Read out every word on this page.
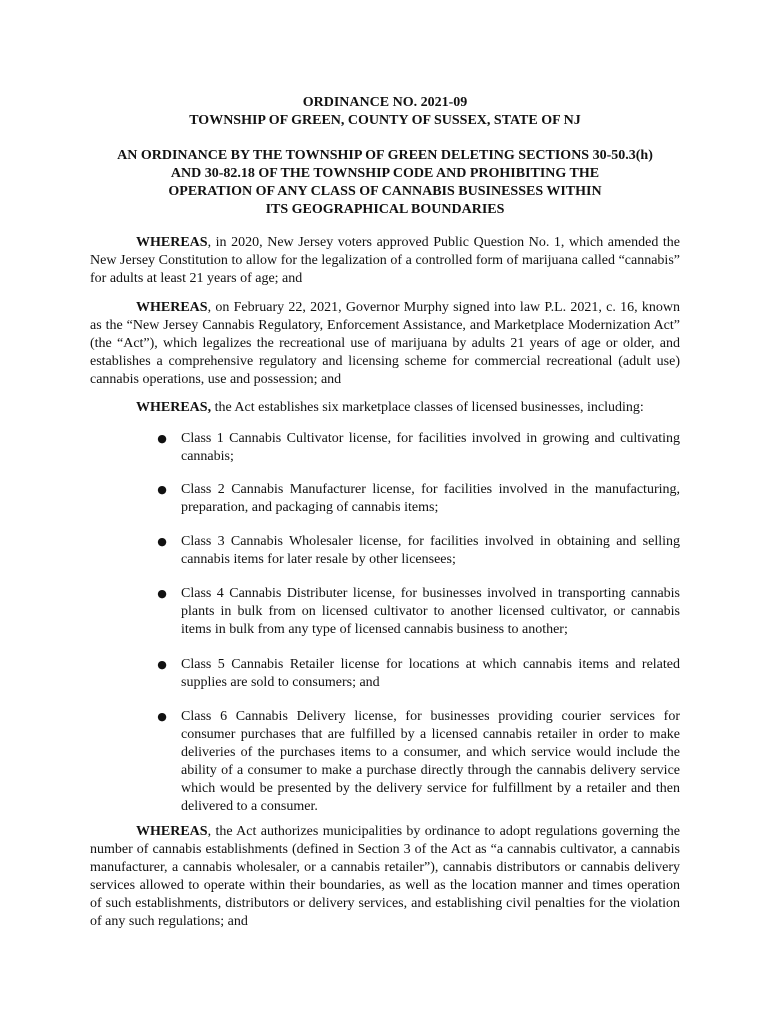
ORDINANCE NO. 2021-09
TOWNSHIP OF GREEN, COUNTY OF SUSSEX, STATE OF NJ
AN ORDINANCE BY THE TOWNSHIP OF GREEN DELETING SECTIONS 30-50.3(h)
AND 30-82.18 OF THE TOWNSHIP CODE AND PROHIBITING THE
OPERATION OF ANY CLASS OF CANNABIS BUSINESSES WITHIN
ITS GEOGRAPHICAL BOUNDARIES

WHEREAS, in 2020, New Jersey voters approved Public Question No. 1, which amended the New Jersey Constitution to allow for the legalization of a controlled form of marijuana called “cannabis” for adults at least 21 years of age; and

WHEREAS, on February 22, 2021, Governor Murphy signed into law P.L. 2021, c. 16, known as the “New Jersey Cannabis Regulatory, Enforcement Assistance, and Marketplace Modernization Act” (the “Act”), which legalizes the recreational use of marijuana by adults 21 years of age or older, and establishes a comprehensive regulatory and licensing scheme for commercial recreational (adult use) cannabis operations, use and possession; and

WHEREAS, the Act establishes six marketplace classes of licensed businesses, including:

● Class 1 Cannabis Cultivator license, for facilities involved in growing and cultivating cannabis;
● Class 2 Cannabis Manufacturer license, for facilities involved in the manufacturing, preparation, and packaging of cannabis items;
● Class 3 Cannabis Wholesaler license, for facilities involved in obtaining and selling cannabis items for later resale by other licensees;
● Class 4 Cannabis Distributer license, for businesses involved in transporting cannabis plants in bulk from on licensed cultivator to another licensed cultivator, or cannabis items in bulk from any type of licensed cannabis business to another;
● Class 5 Cannabis Retailer license for locations at which cannabis items and related supplies are sold to consumers; and
● Class 6 Cannabis Delivery license, for businesses providing courier services for consumer purchases that are fulfilled by a licensed cannabis retailer in order to make deliveries of the purchases items to a consumer, and which service would include the ability of a consumer to make a purchase directly through the cannabis delivery service which would be presented by the delivery service for fulfillment by a retailer and then delivered to a consumer.

WHEREAS, the Act authorizes municipalities by ordinance to adopt regulations governing the number of cannabis establishments (defined in Section 3 of the Act as “a cannabis cultivator, a cannabis manufacturer, a cannabis wholesaler, or a cannabis retailer”), cannabis distributors or cannabis delivery services allowed to operate within their boundaries, as well as the location manner and times operation of such establishments, distributors or delivery services, and establishing civil penalties for the violation of any such regulations; and
